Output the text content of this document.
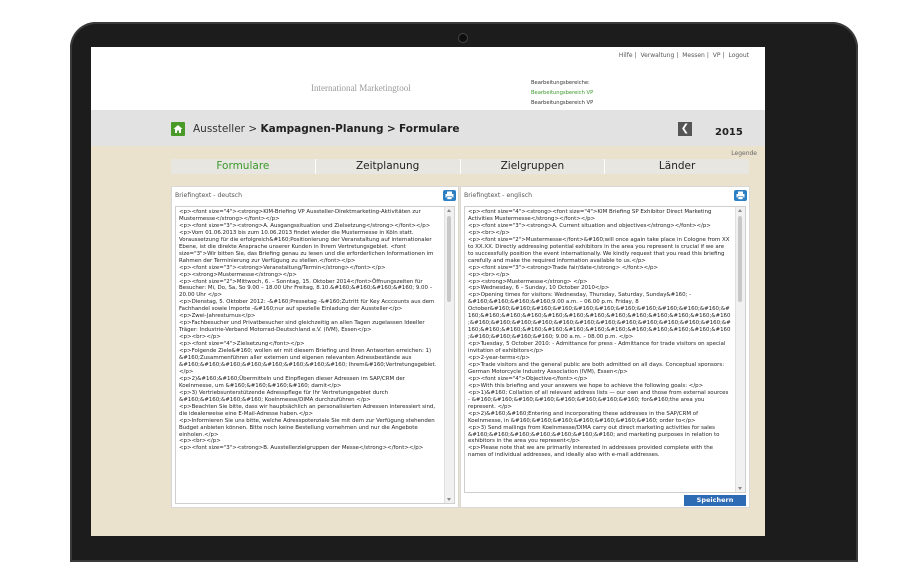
Hilfe | Verwaltung | Messen | VP | Logout
International Marketingtool	Bearbeitungsbereiche:
Bearbeitungsbereich VP
Bearbeitungsbereich VP
Aussteller > Kampagnen-Planung > Formulare	❮	2015
Legende
Formulare	Zeitplanung	Zielgruppen	Länder
Briefingtext - deutsch
<p><font size="4"><strong>KIM-Briefing VP Aussteller-Direktmarketing-Aktivitäten zur Mustermesse</strong></font></p>
<p><font size="3"><strong>A. Ausgangssituation und Zielsetzung</strong></font></p>
<p>Vom 01.06.2013 bis zum 10.06.2013 findet wieder die Mustermesse in Köln statt. Voraussetzung für die erfolgreich&#160;Positionierung der Veranstaltung auf internationaler Ebene, ist die direkte Ansprache unserer Kunden in Ihrem Vertretungsgebiet. <font size="3">Wir bitten Sie, das Briefing genau zu lesen und die erforderlichen Informationen im Rahmen der Terminierung zur Verfügung zu stellen.</font></p>
<p><font size="3"><strong>Veranstaltung/Termin</strong></font></p>
<p><strong>Mustermesse</strong></p>
<p><font size="2">Mittwoch, 6. – Sonntag, 15. Oktober 2014</font>Öffnungszeiten für Besucher: Mi, Do, Sa, So 9.00 – 18.00 Uhr Freitag, 8.10.&#160;&#160;&#160;&#160; 9.00 – 20.00 Uhr </p>
<p>Dienstag, 5. Oktober 2012: -&#160;Pressetag -&#160;Zutritt für Key Acccounts aus dem Fachhandel sowie Importe -&#160;nur auf spezielle Einladung der Aussteller</p>
<p>Zwei-Jahresturnus</p>
<p>Fachbesucher und Privatbesucher sind gleichzeitig an allen Tagen zugelassen Ideeller Träger: Industrie-Verband Motorrad-Deutschland e.V. (IVM), Essen</p>
<p><br></p>
<p><font size="4">Zielsetzung</font></p>
<p>Folgende Ziele&#160; wollen wir mit diesem Briefing und Ihren Antworten erreichen: 1) &#160;Zusammenführen aller externen und eigenen relevanten Adressbestände aus &#160;&#160;&#160;&#160;&#160;&#160;&#160;&#160; Ihrem&#160;Vertretungsgebiet. </p>
<p>2)&#160;&#160;Übermitteln und Einpflegen dieser Adressen im SAP/CRM der Koelnmesse, um &#160;&#160;&#160;&#160; damit</p>
<p>3) Vertriebsunterstützende Adresspflege für Ihr Vertretungsgebiet durch &#160;&#160;&#160;&#160; Koelnmesse/DIMA durchzuführen </p>
<p>Beachten Sie bitte, dass wir hauptsächlich an personalisierten Adressen interessiert sind, die idealerweise eine E-Mail-Adresse haben.</p>
<p>Informieren Sie uns bitte, welche Adresspotenziale Sie mit dem zur Verfügung stehenden Budget anbieten können. Bitte noch keine Bestellung vornehmen und nur die Angebote einholen.</p>
<p><br></p>
<p><font size="3"><strong>B. Ausstellerzielgruppen der Messe</strong></font></p>
Briefingtext - englisch
<p><font size="4"><strong><font size="4">KIM Briefing SP Exhibitor Direct Marketing Activities Mustermesse</strong></font></p>
<p><font size="3"><strong>A. Current situation and objectives</strong></font></p>
<p><br></p>
<p><font size="2">Mustermesse</font>&#160;will once again take place in Cologne from XX to XX.XX. Directly addressing potential exhibitors in the area you represent is crucial if we are to successfully position the event internationally. We kindly request that you read this briefing carefully and make the required information available to us.</p>
<p><font size="3"><strong>Trade fair/date</strong> </font></p>
<p><br></p>
<p><strong>Mustermesse</strong> </p>
<p>Wednesday, 6 – Sunday, 10 October 2010</p>
<p>Opening times for visitors: Wednesday, Thursday, Saturday, Sunday&#160; - &#160;&#160;&#160;&#160;9.00 a.m. – 06.00 p.m. Friday, 8 October&#160;&#160;&#160;&#160;&#160;&#160;&#160;&#160;&#160;&#160;&#160;&#160;&#160;&#160;&#160;&#160;&#160;&#160;&#160;&#160;&#160;&#160;&#160;&#160;&#160;&#160;&#160;&#160;&#160;&#160;&#160;&#160;&#160;&#160;&#160;&#160;&#160;&#160;&#160;&#160;&#160;&#160;&#160;&#160;&#160;&#160;&#160;&#160;&#160;&#160;&#160;&#160;&#160; 9.00 a.m. – 08.00 p.m. </p>
<p>Tuesday, 5 October 2010: - Admittance for press - Admittance for trade visitors on special invitation of exhibitors</p>
<p>2-year-terms</p>
<p>Trade visitors and the general public are both admitted on all days. Conceptual sponsors: German Motorcycle Industry Association (IVM), Essen</p>
<p><font size="4">Objective</font></p>
<p>With this briefing and your answers we hope to achieve the following goals: </p>
<p>1)&#160; Collation of all relevant address lists — our own and those from external sources - &#160;&#160;&#160;&#160;&#160;&#160;&#160;&#160; for&#160;the area you represent. </p>
<p>2)&#160;&#160;Entering and incorporating these addresses in the SAP/CRM of Koelnmesse, in &#160;&#160;&#160;&#160;&#160;&#160;&#160; order to</p>
<p>3) Send mailings from Koelnmesse/DIMA carry out direct marketing activities for sales &#160;&#160;&#160;&#160;&#160;&#160;&#160; and marketing purposes in relation to exhibitors in the area you represent</p>
<p>Please note that we are primarily interested in addresses provided complete with the names of individual addresses, and ideally also with e-mail addresses.
Speichern
